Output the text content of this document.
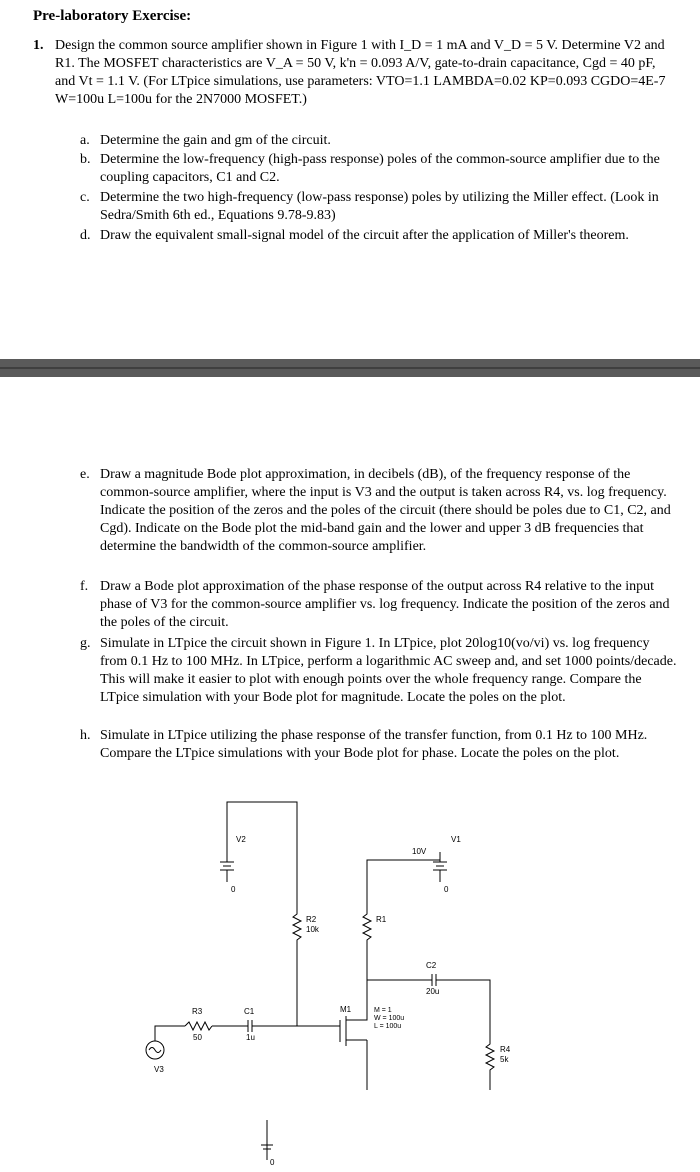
Pre-laboratory Exercise:
1. Design the common source amplifier shown in Figure 1 with I_D = 1 mA and V_D = 5 V. Determine V2 and R1. The MOSFET characteristics are V_A = 50 V, k'n = 0.093 A/V, gate-to-drain capacitance, Cgd = 40 pF, and Vt = 1.1 V. (For LTpice simulations, use parameters: VTO=1.1 LAMBDA=0.02 KP=0.093 CGDO=4E-7 W=100u L=100u for the 2N7000 MOSFET.)
a. Determine the gain and gm of the circuit.
b. Determine the low-frequency (high-pass response) poles of the common-source amplifier due to the coupling capacitors, C1 and C2.
c. Determine the two high-frequency (low-pass response) poles by utilizing the Miller effect. (Look in Sedra/Smith 6th ed., Equations 9.78-9.83)
d. Draw the equivalent small-signal model of the circuit after the application of Miller's theorem.
e. Draw a magnitude Bode plot approximation, in decibels (dB), of the frequency response of the common-source amplifier, where the input is V3 and the output is taken across R4, vs. log frequency. Indicate the position of the zeros and the poles of the circuit (there should be poles due to C1, C2, and Cgd). Indicate on the Bode plot the mid-band gain and the lower and upper 3 dB frequencies that determine the bandwidth of the common-source amplifier.
f. Draw a Bode plot approximation of the phase response of the output across R4 relative to the input phase of V3 for the common-source amplifier vs. log frequency. Indicate the position of the zeros and the poles of the circuit.
g. Simulate in LTpice the circuit shown in Figure 1. In LTpice, plot 20log10(vo/vi) vs. log frequency from 0.1 Hz to 100 MHz. In LTpice, perform a logarithmic AC sweep and, and set 1000 points/decade. This will make it easier to plot with enough points over the whole frequency range. Compare the LTpice simulation with your Bode plot for magnitude. Locate the poles on the plot.
h. Simulate in LTpice utilizing the phase response of the transfer function, from 0.1 Hz to 100 MHz. Compare the LTpice simulations with your Bode plot for phase. Locate the poles on the plot.
V2
0
V1
10V
0
R2
10k
R1
C2
20u
R3
50
C1
1u
M1	M = 1
W = 100u
L = 100u
R4
5k
V3
0
